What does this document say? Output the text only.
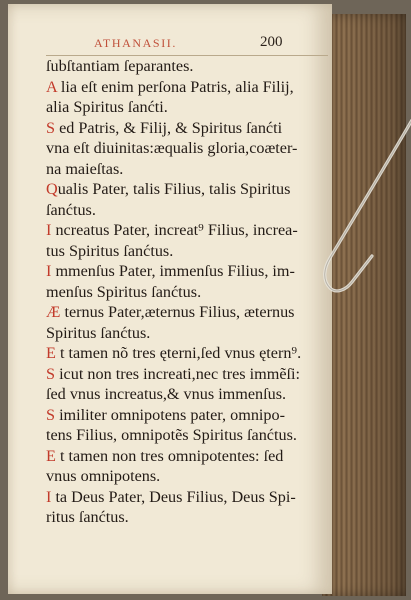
ATHANASII.	200
ſubſtantiam ſeparantes.
A lia eſt enim perſona Patris, alia Filij,
alia Spiritus ſanćti.
S ed Patris, & Filij, & Spiritus ſanćti
vna eſt diuinitas:æqualis gloria,coæter-
na maieſtas.
Qualis Pater, talis Filius, talis Spiritus
ſanćtus.
I ncreatus Pater, increat⁹ Filius, increa-
tus Spiritus ſanćtus.
I mmenſus Pater, immenſus Filius, im-
menſus Spiritus ſanćtus.
Æ ternus Pater,æternus Filius, æternus
Spiritus ſanćtus.
E t tamen nõ tres ęterni,ſed vnus ętern⁹.
S icut non tres increati,nec tres immẽſi:
ſed vnus increatus,& vnus immenſus.
S imiliter omnipotens pater, omnipo-
tens Filius, omnipotẽs Spiritus ſanćtus.
E t tamen non tres omnipotentes: ſed
vnus omnipotens.
I ta Deus Pater, Deus Filius, Deus Spi-
ritus ſanćtus.
